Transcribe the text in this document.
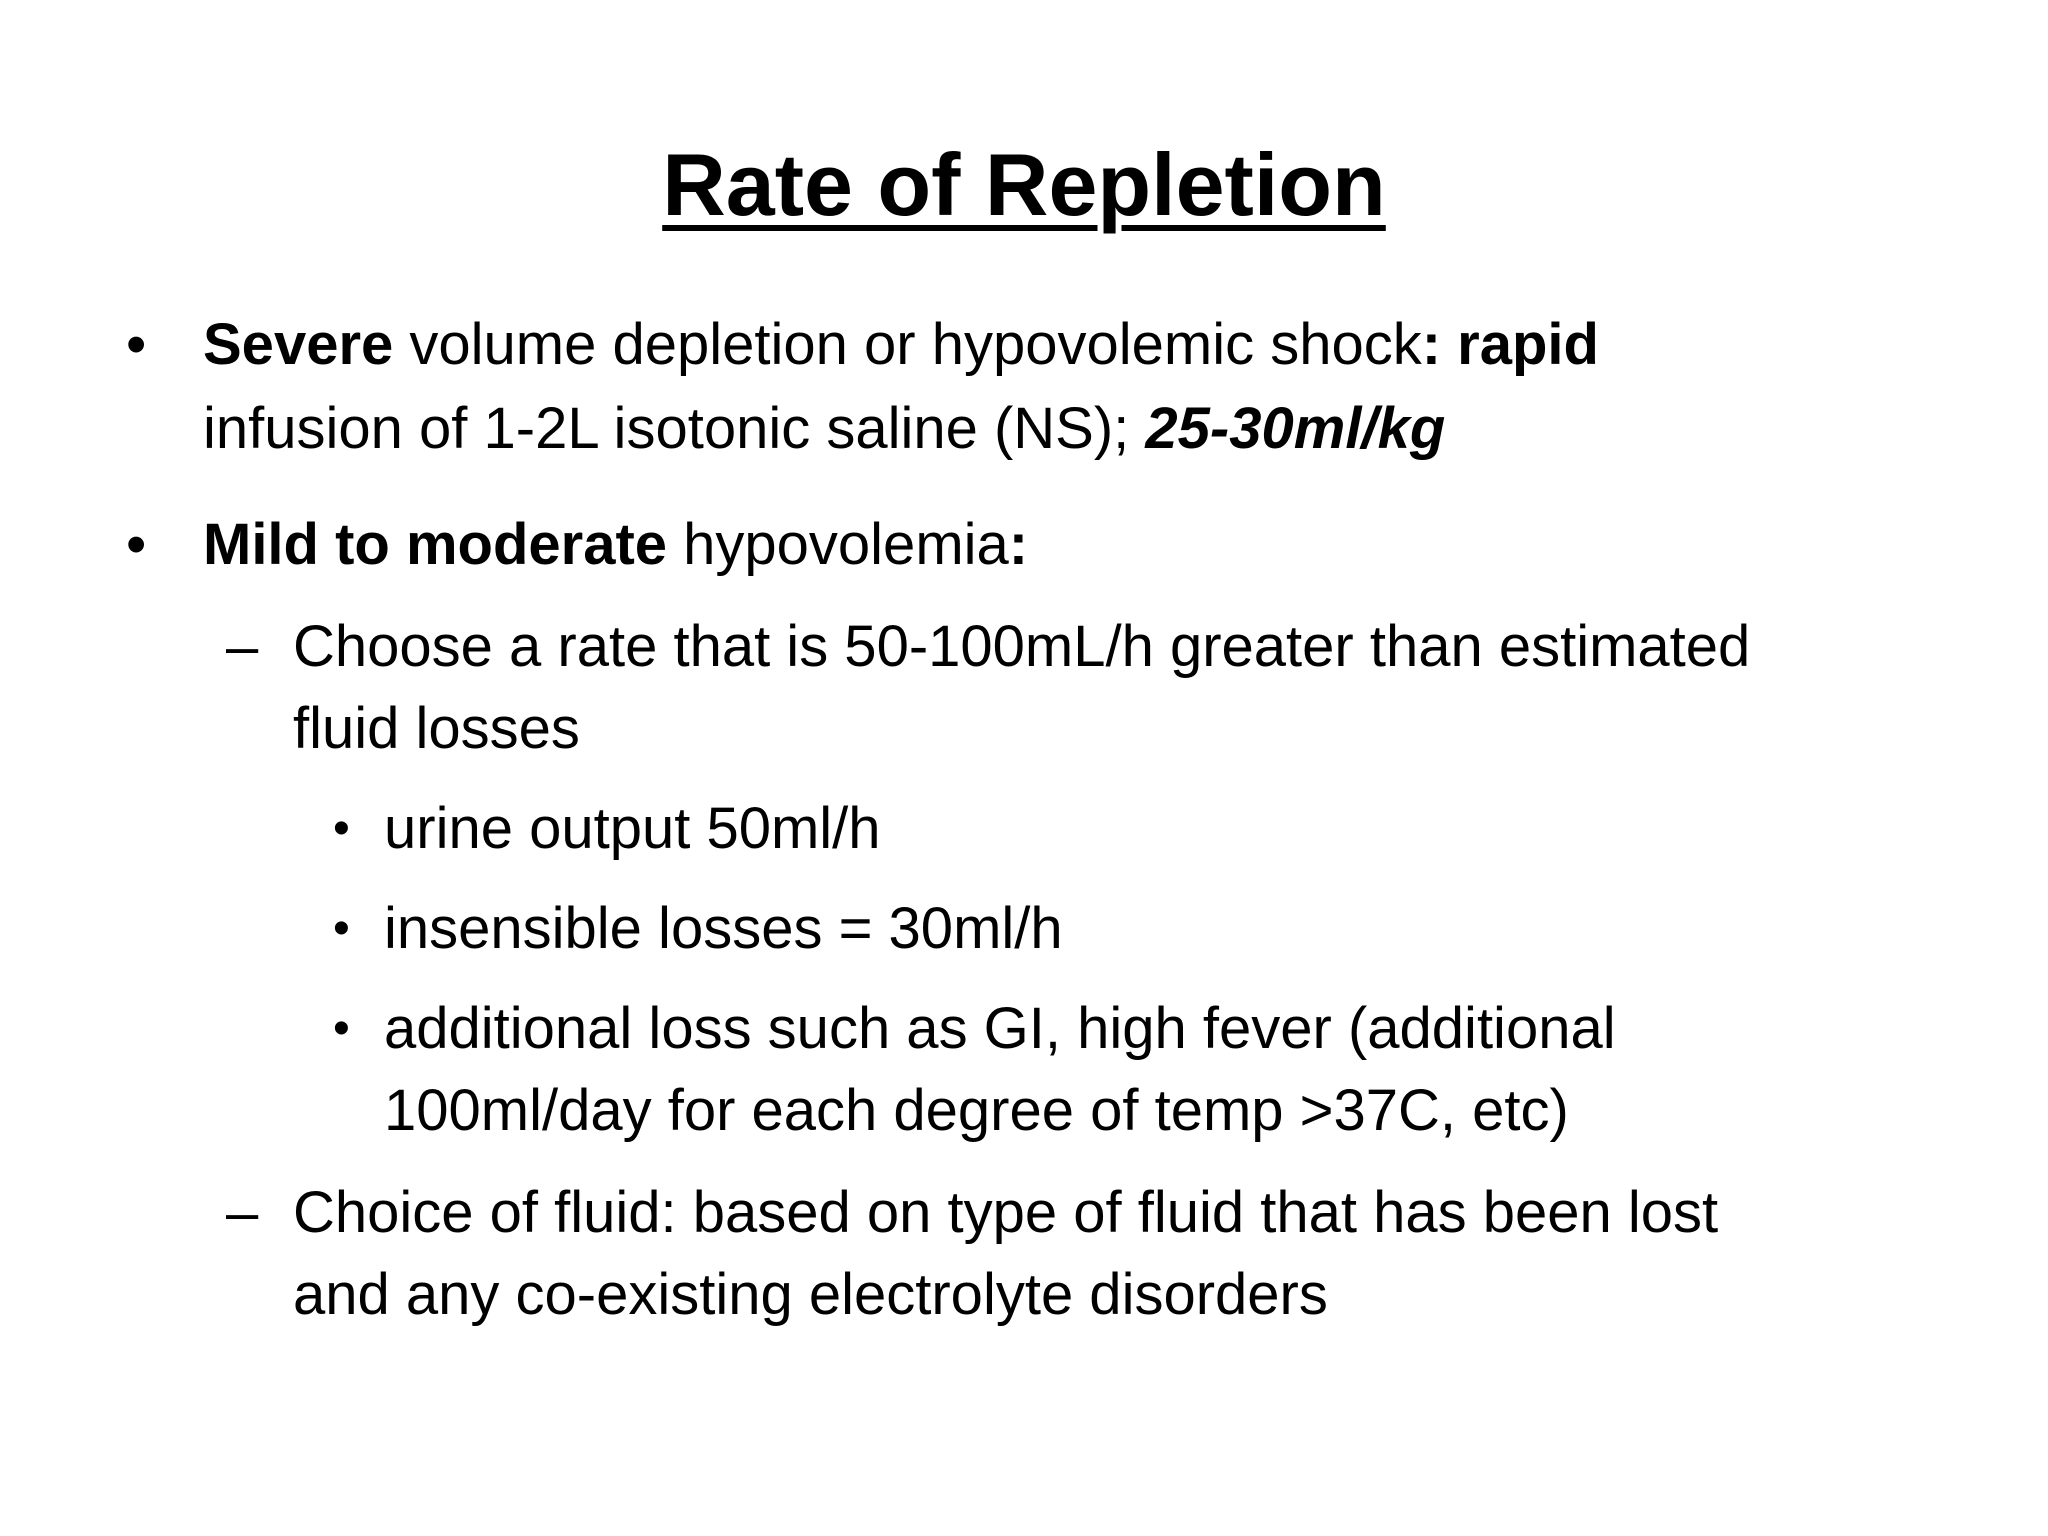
Rate of Repletion
• Severe volume depletion or hypovolemic shock: rapid
infusion of 1-2L isotonic saline (NS); 25-30ml/kg
• Mild to moderate hypovolemia:
– Choose a rate that is 50-100mL/h greater than estimated
fluid losses
• urine output 50ml/h
• insensible losses = 30ml/h
• additional loss such as GI, high fever (additional
100ml/day for each degree of temp >37C, etc)
– Choice of fluid: based on type of fluid that has been lost
and any co-existing electrolyte disorders
